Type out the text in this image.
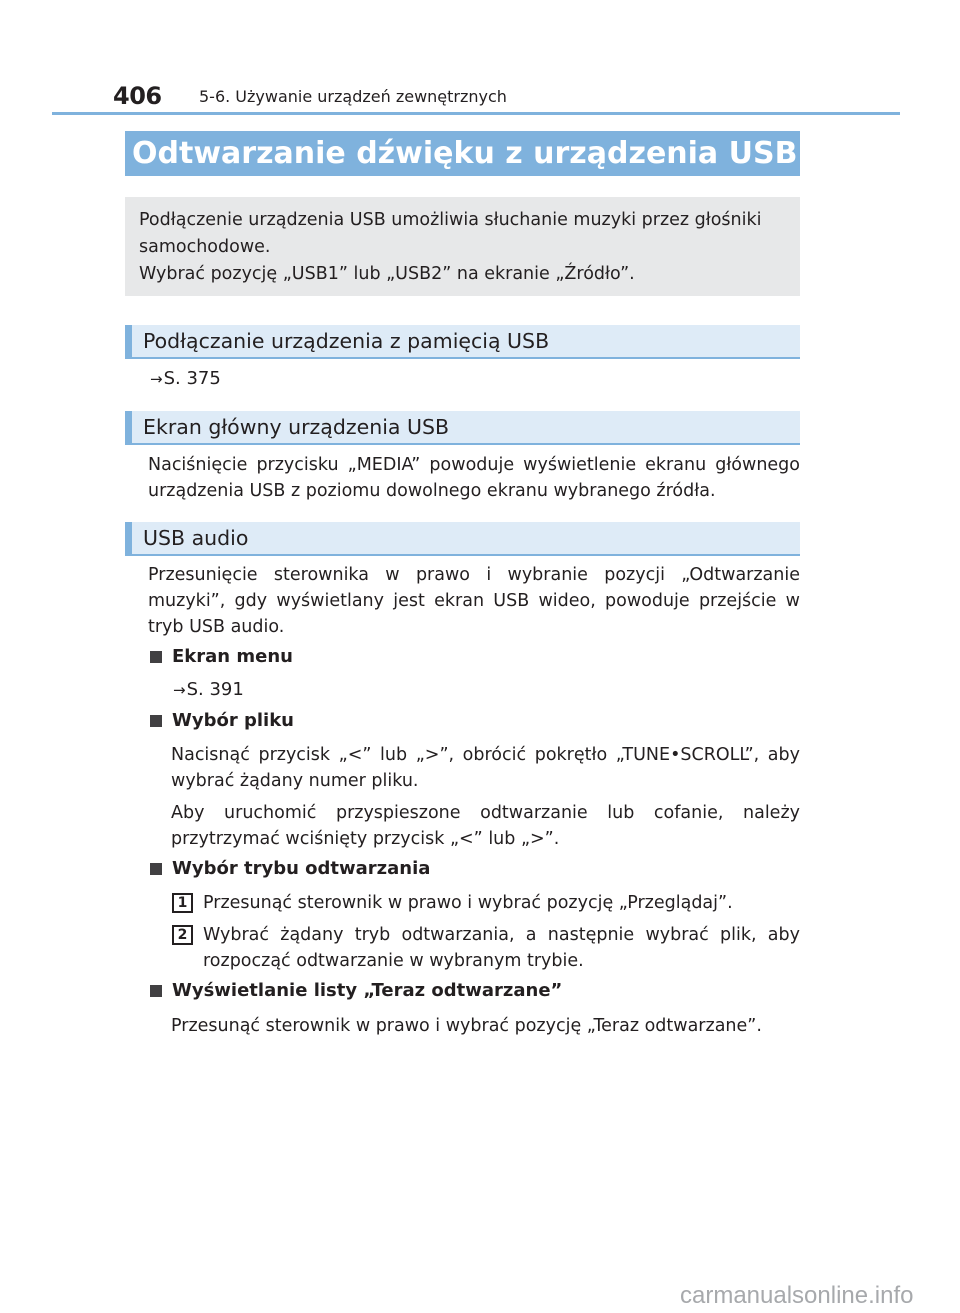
406 5-6. Używanie urządzeń zewnętrznych
Odtwarzanie dźwięku z urządzenia USB
Podłączenie urządzenia USB umożliwia słuchanie muzyki przez głośniki
samochodowe.
Wybrać pozycję „USB1” lub „USB2” na ekranie „Źródło”.
Podłączanie urządzenia z pamięcią USB
→ S. 375
Ekran główny urządzenia USB
Naciśnięcie przycisku „MEDIA” powoduje wyświetlenie ekranu głównego urządzenia USB z poziomu dowolnego ekranu wybranego źródła.
USB audio
Przesunięcie sterownika w prawo i wybranie pozycji „Odtwarzanie muzyki”, gdy wyświetlany jest ekran USB wideo, powoduje przejście w tryb USB audio.
Ekran menu
→ S. 391
Wybór pliku
Nacisnąć przycisk „<” lub „>”, obrócić pokrętło „TUNE•SCROLL”, aby wybrać żądany numer pliku.
Aby uruchomić przyspieszone odtwarzanie lub cofanie, należy przytrzymać wciśnięty przycisk „<” lub „>”.
Wybór trybu odtwarzania
1 Przesunąć sterownik w prawo i wybrać pozycję „Przeglądaj”.
2 Wybrać żądany tryb odtwarzania, a następnie wybrać plik, aby rozpocząć odtwarzanie w wybranym trybie.
Wyświetlanie listy „Teraz odtwarzane”
Przesunąć sterownik w prawo i wybrać pozycję „Teraz odtwarzane”.
carmanualsonline.info
